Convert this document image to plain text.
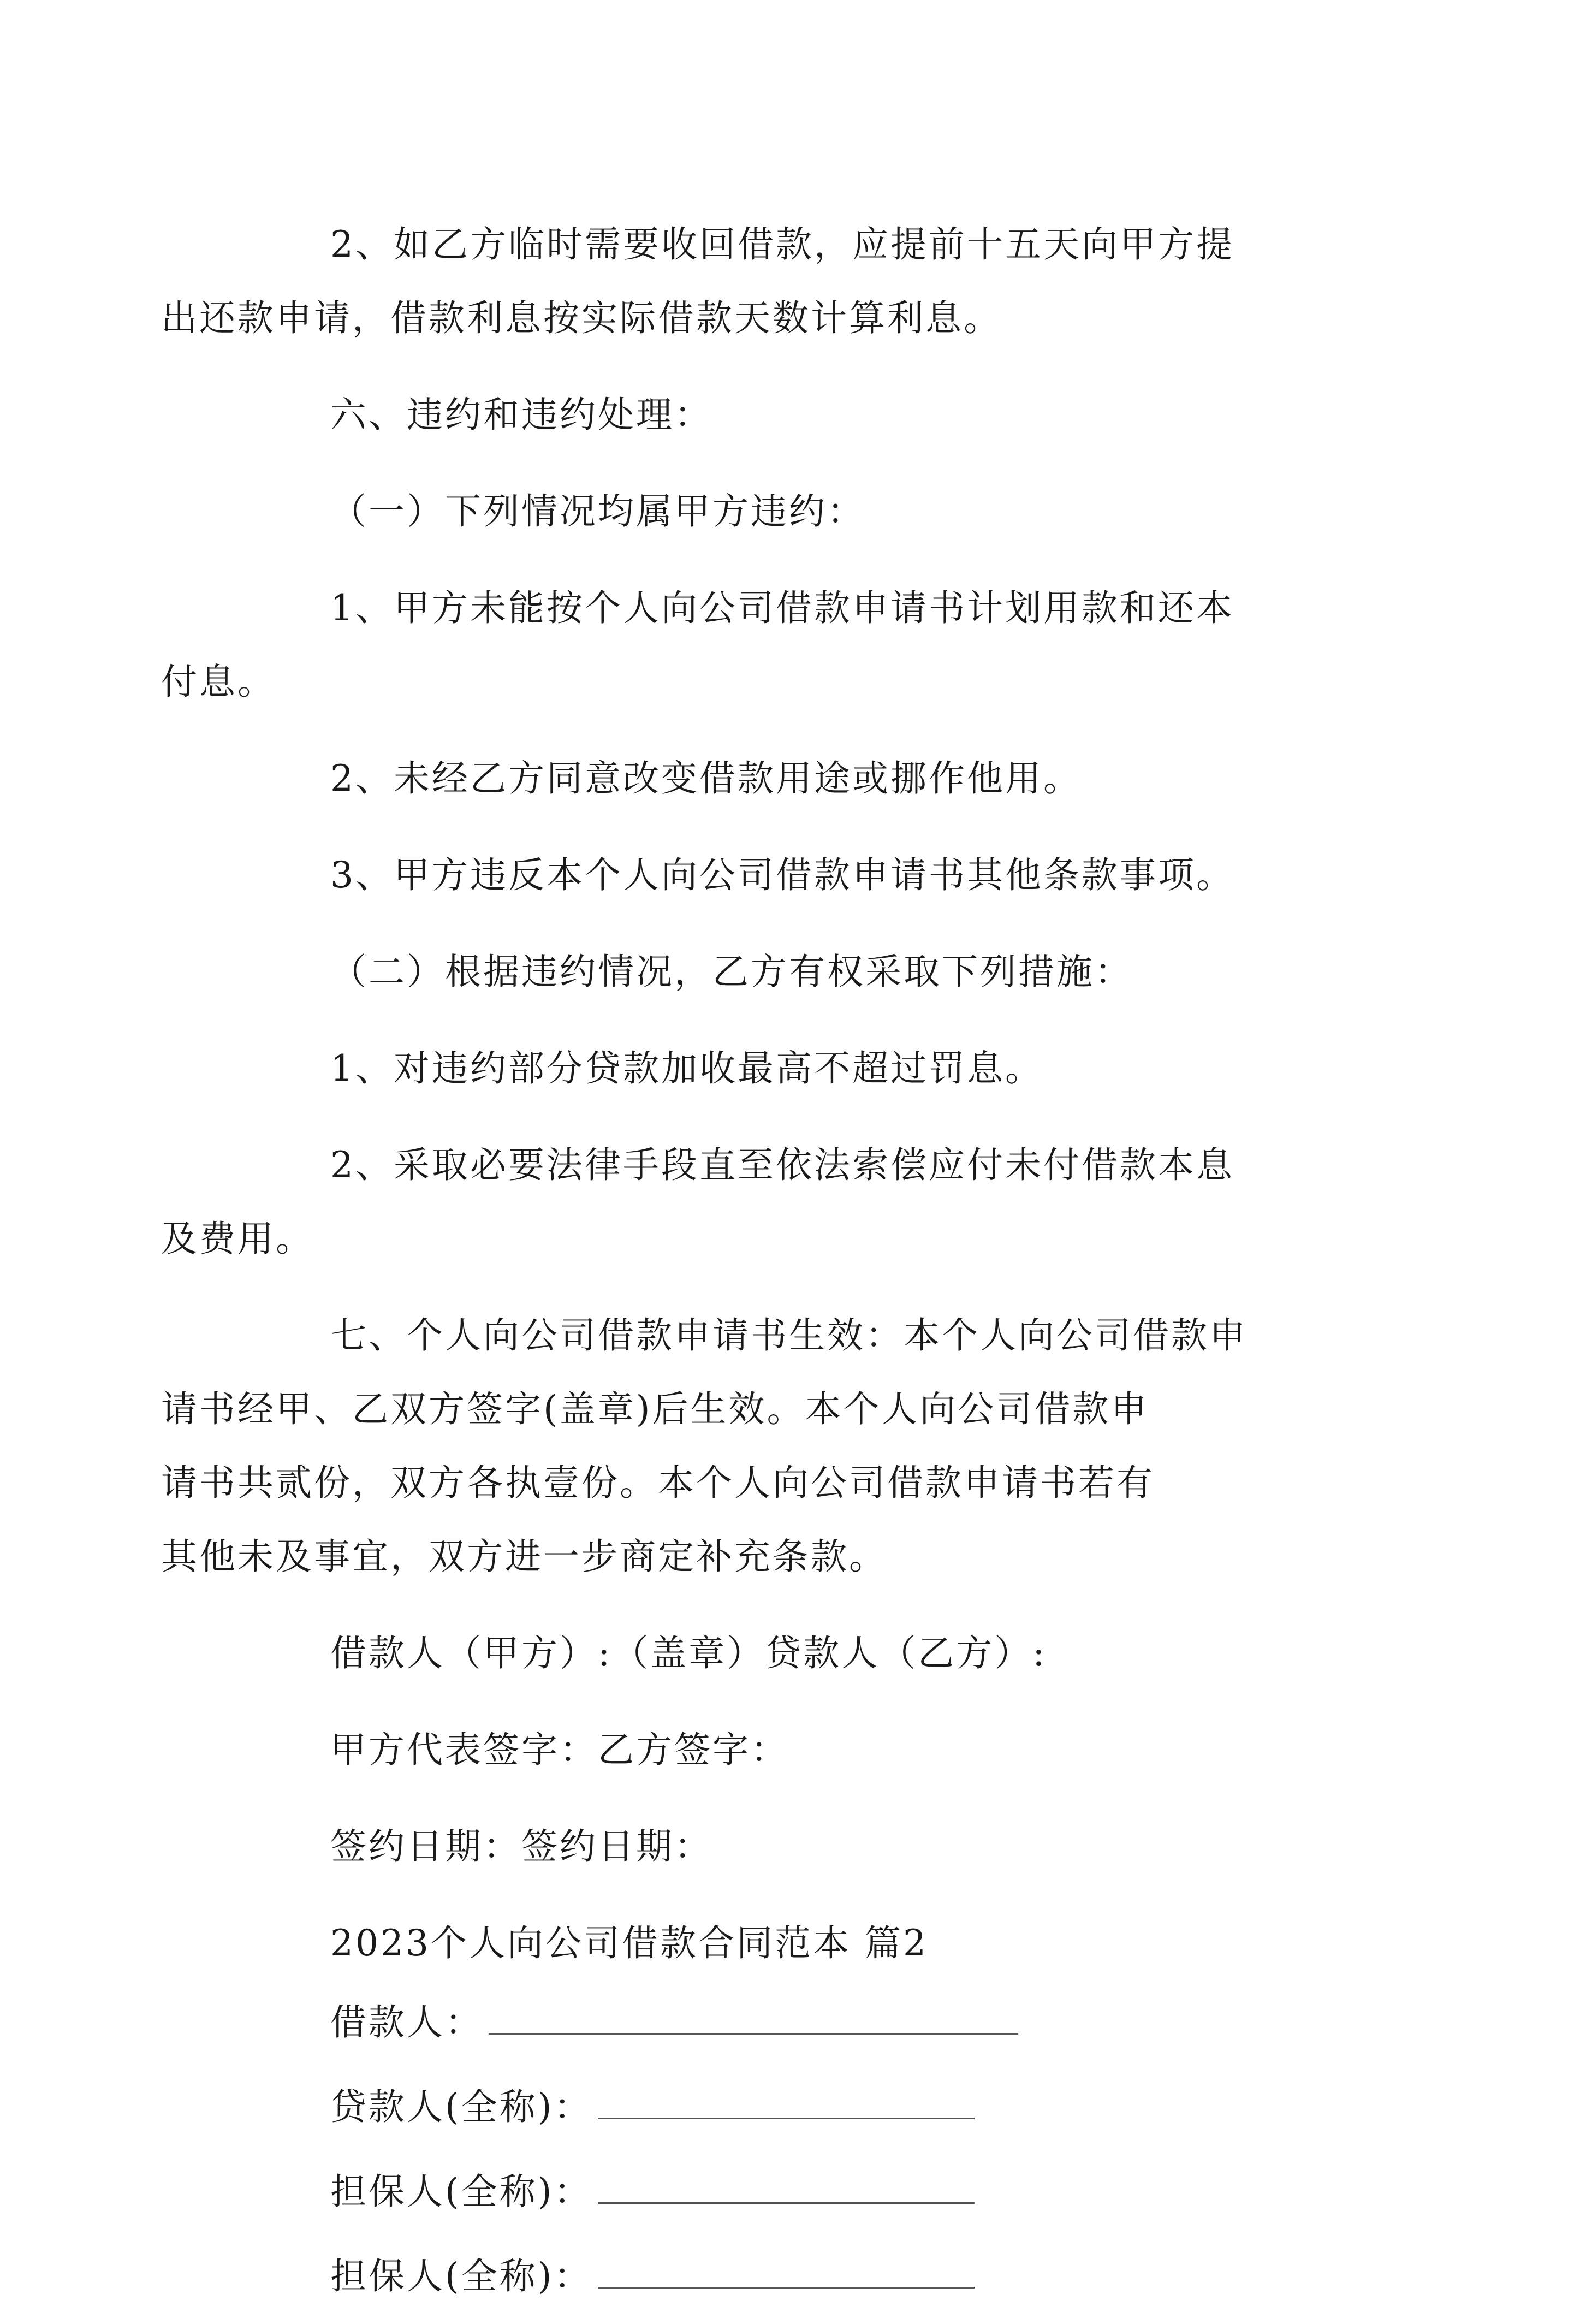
2、如乙方临时需要收回借款，应提前十五天向甲方提
出还款申请，借款利息按实际借款天数计算利息。

六、违约和违约处理：

（一）下列情况均属甲方违约：

1、甲方未能按个人向公司借款申请书计划用款和还本
付息。

2、未经乙方同意改变借款用途或挪作他用。

3、甲方违反本个人向公司借款申请书其他条款事项。

（二）根据违约情况，乙方有权采取下列措施：

1、对违约部分贷款加收最高不超过罚息。

2、采取必要法律手段直至依法索偿应付未付借款本息
及费用。

七、个人向公司借款申请书生效：本个人向公司借款申
请书经甲、乙双方签字(盖章)后生效。本个人向公司借款申
请书共贰份，双方各执壹份。本个人向公司借款申请书若有
其他未及事宜，双方进一步商定补充条款。

借款人（甲方）:（盖章）贷款人（乙方）:

甲方代表签字：乙方签字：

签约日期：签约日期：

2023个人向公司借款合同范本 篇2

借款人：
贷款人(全称)：
担保人(全称)：
担保人(全称)：
